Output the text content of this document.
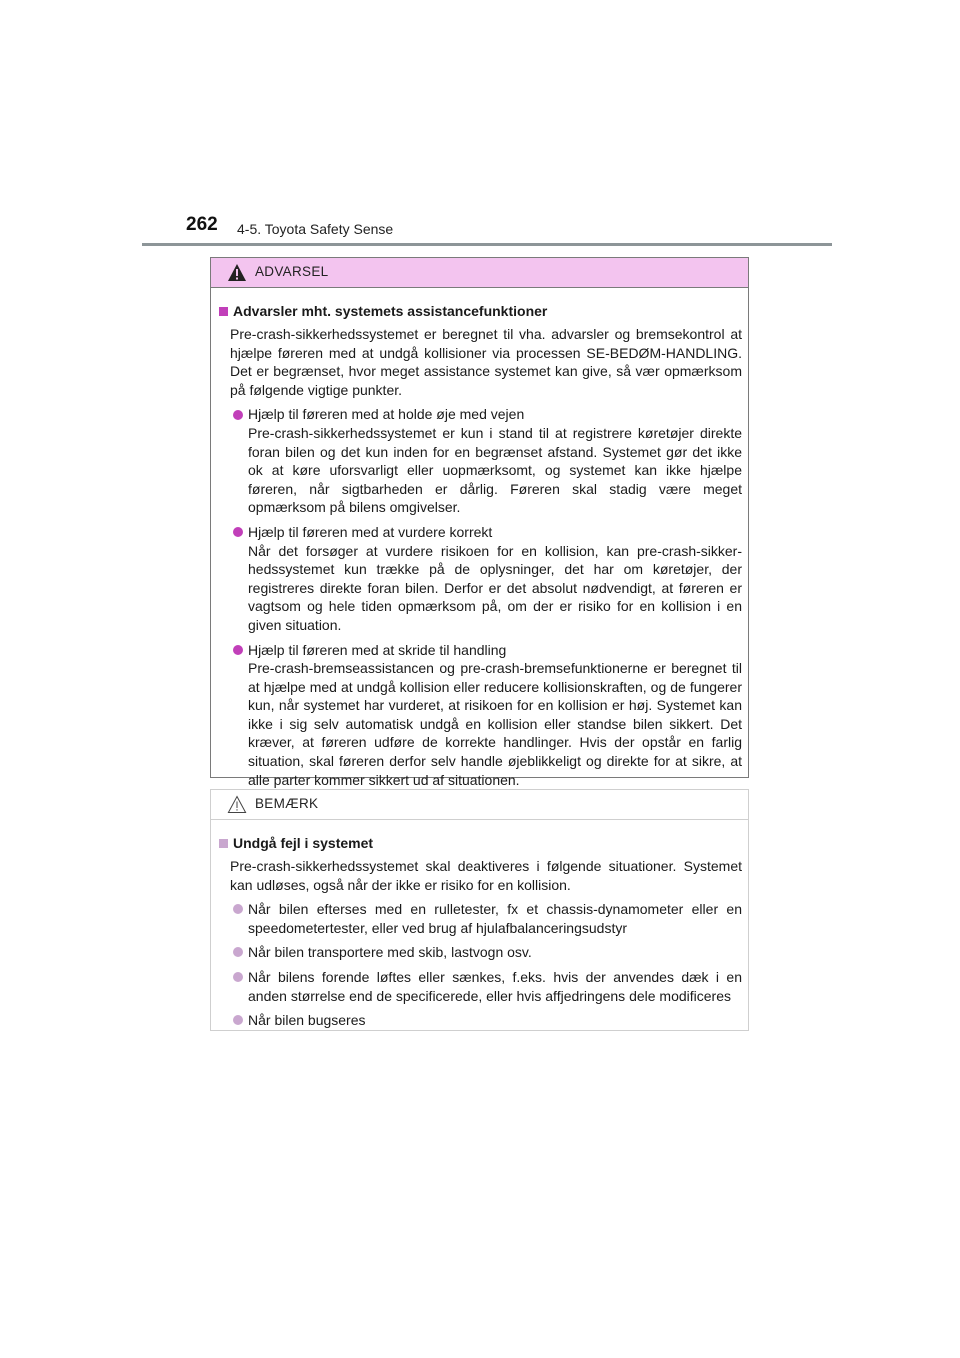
262 4-5. Toyota Safety Sense
ADVARSEL
Advarsler mht. systemets assistancefunktioner
Pre-crash-sikkerhedssystemet er beregnet til vha. advarsler og bremsekontrol at hjælpe føreren med at undgå kollisioner via processen SE-BEDØM-HANDLING. Det er begrænset, hvor meget assistance systemet kan give, så vær opmærksom på følgende vigtige punkter.
Hjælp til føreren med at holde øje med vejen
Pre-crash-sikkerhedssystemet er kun i stand til at registrere køretøjer direkte foran bilen og det kun inden for en begrænset afstand. Systemet gør det ikke ok at køre uforsvarligt eller uopmærksomt, og systemet kan ikke hjælpe føreren, når sigtbarheden er dårlig. Føreren skal stadig være meget opmærksom på bilens omgivelser.
Hjælp til føreren med at vurdere korrekt
Når det forsøger at vurdere risikoen for en kollision, kan pre-crash-sikker-hedssystemet kun trække på de oplysninger, det har om køretøjer, der registreres direkte foran bilen. Derfor er det absolut nødvendigt, at føreren er vagtsom og hele tiden opmærksom på, om der er risiko for en kollision i en given situation.
Hjælp til føreren med at skride til handling
Pre-crash-bremseassistancen og pre-crash-bremsefunktionerne er beregnet til at hjælpe med at undgå kollision eller reducere kollisionskraften, og de fungerer kun, når systemet har vurderet, at risikoen for en kollision er høj. Systemet kan ikke i sig selv automatisk undgå en kollision eller standse bilen sikkert. Det kræver, at føreren udføre de korrekte handlinger. Hvis der opstår en farlig situation, skal føreren derfor selv handle øjeblikkeligt og direkte for at sikre, at alle parter kommer sikkert ud af situationen.
BEMÆRK
Undgå fejl i systemet
Pre-crash-sikkerhedssystemet skal deaktiveres i følgende situationer. Systemet kan udløses, også når der ikke er risiko for en kollision.
Når bilen efterses med en rulletester, fx et chassis-dynamometer eller en speedometertester, eller ved brug af hjulafbalanceringsudstyr
Når bilen transportere med skib, lastvogn osv.
Når bilens forende løftes eller sænkes, f.eks. hvis der anvendes dæk i en anden størrelse end de specificerede, eller hvis affjedringens dele modificeres
Når bilen bugseres
